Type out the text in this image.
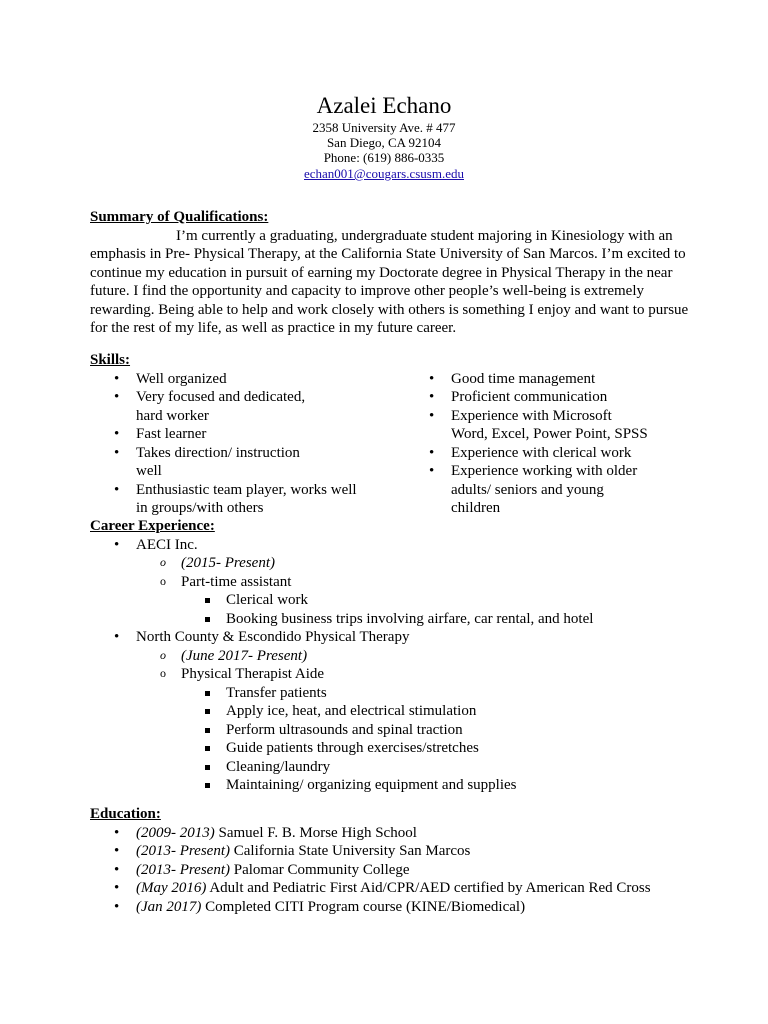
Azalei Echano
2358 University Ave. # 477
San Diego, CA 92104
Phone: (619) 886-0335
echan001@cougars.csusm.edu
Summary of Qualifications:

I’m currently a graduating, undergraduate student majoring in Kinesiology with an emphasis in Pre- Physical Therapy, at the California State University of San Marcos. I’m excited to continue my education in pursuit of earning my Doctorate degree in Physical Therapy in the near future. I find the opportunity and capacity to improve other people’s well-being is extremely rewarding. Being able to help and work closely with others is something I enjoy and want to pursue for the rest of my life, as well as practice in my future career.

Skills:
• Well organized
• Very focused and dedicated, hard worker
• Fast learner
• Takes direction/ instruction well
• Enthusiastic team player, works well in groups/with others
• Good time management
• Proficient communication
• Experience with Microsoft Word, Excel, Power Point, SPSS
• Experience with clerical work
• Experience working with older adults/ seniors and young children
Career Experience:
• AECI Inc.
o (2015- Present)
o Part-time assistant
Clerical work
Booking business trips involving airfare, car rental, and hotel
• North County & Escondido Physical Therapy
o (June 2017- Present)
o Physical Therapist Aide
Transfer patients
Apply ice, heat, and electrical stimulation
Perform ultrasounds and spinal traction
Guide patients through exercises/stretches
Cleaning/laundry
Maintaining/ organizing equipment and supplies
Education:
• (2009- 2013) Samuel F. B. Morse High School
• (2013- Present) California State University San Marcos
• (2013- Present) Palomar Community College
• (May 2016) Adult and Pediatric First Aid/CPR/AED certified by American Red Cross
• (Jan 2017) Completed CITI Program course (KINE/Biomedical)
